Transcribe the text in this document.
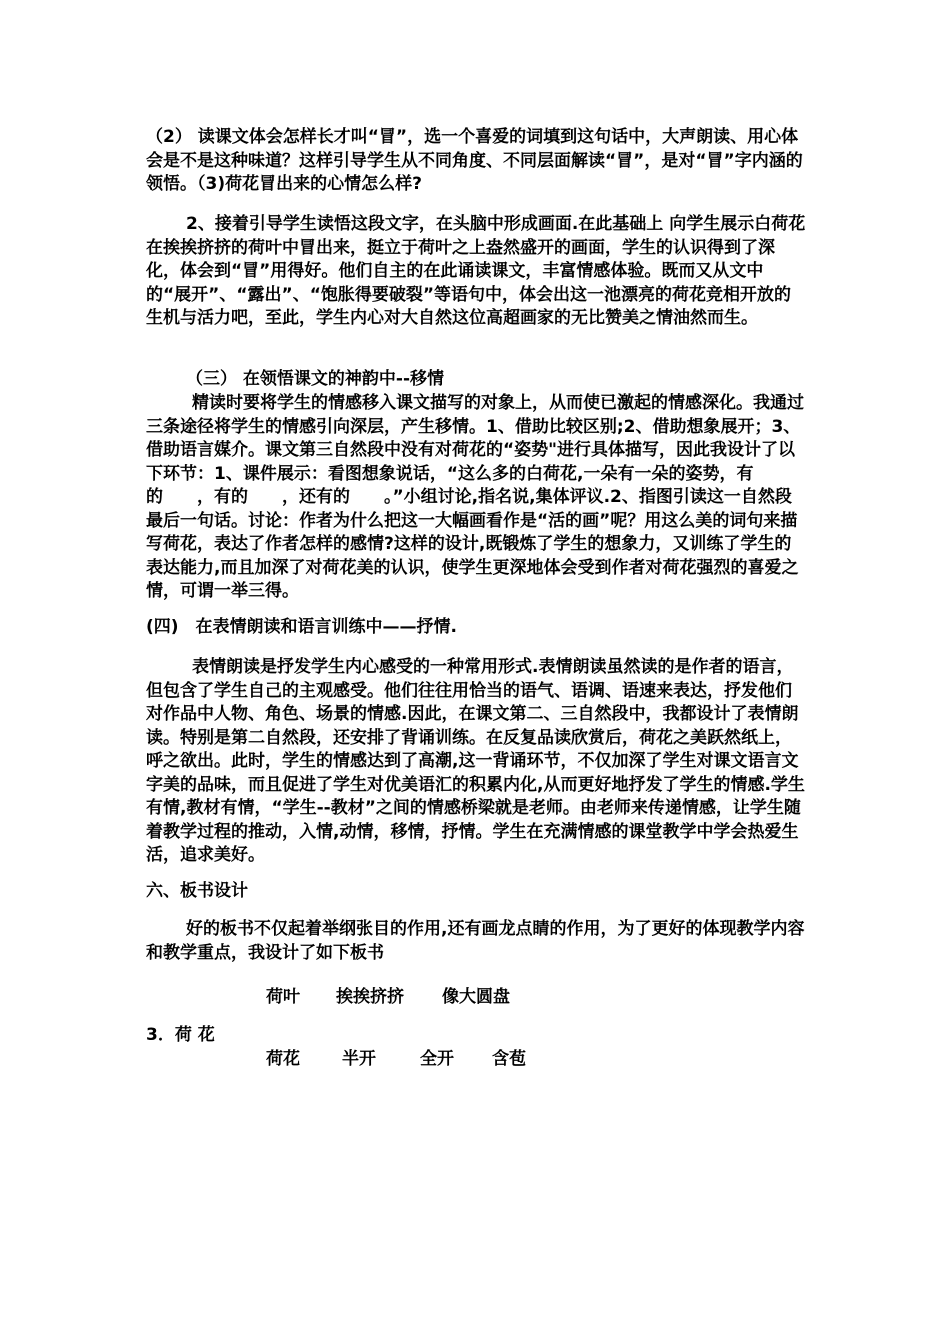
（2） 读课文体会怎样长才叫“冒”，选一个喜爱的词填到这句话中，大声朗读、用心体会是不是这种味道？这样引导学生从不同角度、不同层面解读“冒”，是对“冒”字内涵的领悟。（3)荷花冒出来的心情怎么样?

2、接着引导学生读悟这段文字，在头脑中形成画面.在此基础上 向学生展示白荷花在挨挨挤挤的荷叶中冒出来，挺立于荷叶之上盎然盛开的画面，学生的认识得到了深化，体会到“冒”用得好。他们自主的在此诵读课文，丰富情感体验。既而又从文中的“展开”、“露出”、“饱胀得要破裂”等语句中，体会出这一池漂亮的荷花竞相开放的生机与活力吧，至此，学生内心对大自然这位高超画家的无比赞美之情油然而生。

（三） 在领悟课文的神韵中--移情

精读时要将学生的情感移入课文描写的对象上，从而使已激起的情感深化。我通过三条途径将学生的情感引向深层，产生移情。1、借助比较区别;2、借助想象展开；3、借助语言媒介。课文第三自然段中没有对荷花的“姿势"进行具体描写，因此我设计了以下环节：1、课件展示：看图想象说话，“这么多的白荷花,一朵有一朵的姿势，有的　　，有的　　，还有的　　。”小组讨论,指名说,集体评议.2、指图引读这一自然段最后一句话。讨论：作者为什么把这一大幅画看作是“活的画”呢？用这么美的词句来描写荷花，表达了作者怎样的感情?这样的设计,既锻炼了学生的想象力，又训练了学生的表达能力,而且加深了对荷花美的认识，使学生更深地体会受到作者对荷花强烈的喜爱之情，可谓一举三得。

(四)　在表情朗读和语言训练中——抒情.

表情朗读是抒发学生内心感受的一种常用形式.表情朗读虽然读的是作者的语言，但包含了学生自己的主观感受。他们往往用恰当的语气、语调、语速来表达，抒发他们对作品中人物、角色、场景的情感.因此，在课文第二、三自然段中，我都设计了表情朗读。特别是第二自然段，还安排了背诵训练。在反复品读欣赏后，荷花之美跃然纸上，呼之欲出。此时，学生的情感达到了高潮,这一背诵环节，不仅加深了学生对课文语言文字美的品味，而且促进了学生对优美语汇的积累内化,从而更好地抒发了学生的情感.学生有情,教材有情，“学生--教材”之间的情感桥梁就是老师。由老师来传递情感，让学生随着教学过程的推动，入情,动情，移情，抒情。学生在充满情感的课堂教学中学会热爱生活，追求美好。

六、板书设计

好的板书不仅起着举纲张目的作用,还有画龙点睛的作用，为了更好的体现教学内容和教学重点，我设计了如下板书

荷叶 挨挨挤挤 像大圆盘
3．荷 花
荷花 半开	全开 含苞
